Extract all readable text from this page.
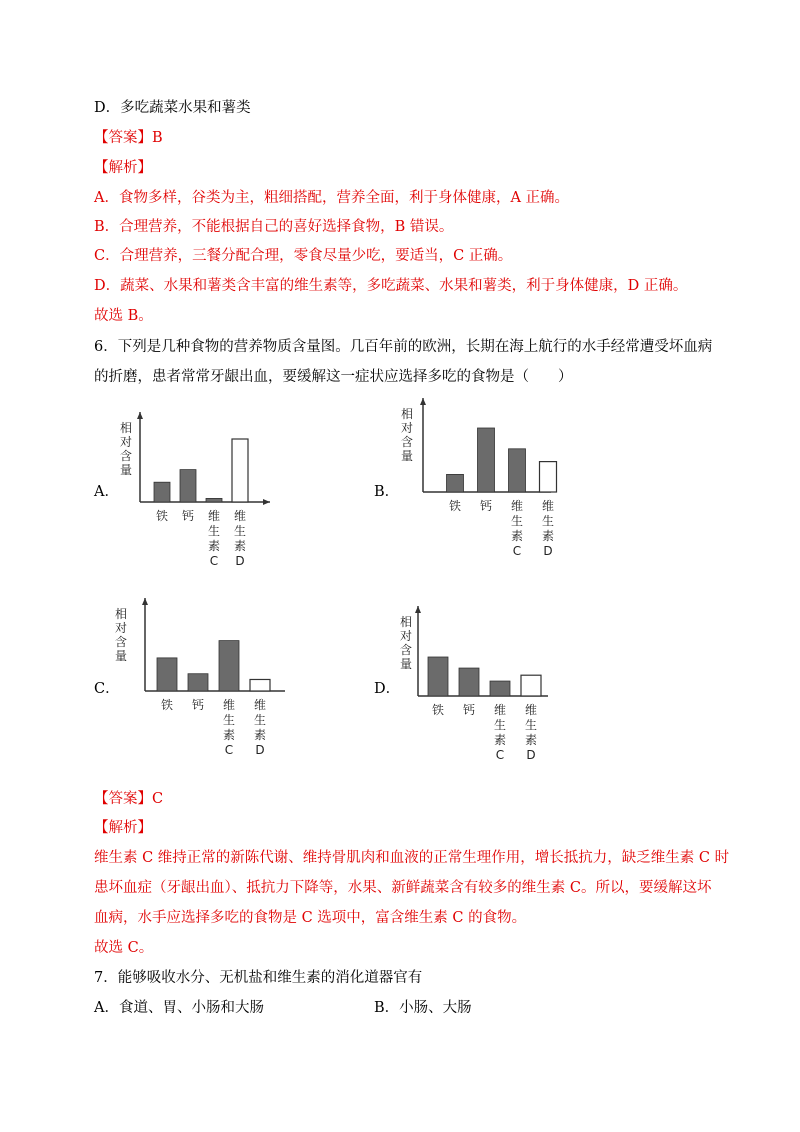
D．多吃蔬菜水果和薯类
【答案】B
【解析】
A．食物多样，谷类为主，粗细搭配，营养全面，利于身体健康，A 正确。
B．合理营养，不能根据自己的喜好选择食物，B 错误。
C．合理营养，三餐分配合理，零食尽量少吃，要适当，C 正确。
D．蔬菜、水果和薯类含丰富的维生素等，多吃蔬菜、水果和薯类，利于身体健康，D 正确。
故选 B。
6．下列是几种食物的营养物质含量图。几百年前的欧洲，长期在海上航行的水手经常遭受坏血病
的折磨，患者常常牙龈出血，要缓解这一症状应选择多吃的食物是（　　）
A．
相
对
含
量
铁 钙 维
生
素
C
维
生
素
D
B．
相
对
含
量
铁 钙 维
生
素
C
维
生
素
D
C．
相
对
含
量
铁 钙 维
生
素
C
维
生
素
D
D．
相
对
含
量
铁 钙 维
生
素
C
维
生
素
D
【答案】C
【解析】
维生素 C 维持正常的新陈代谢、维持骨肌肉和血液的正常生理作用，增长抵抗力，缺乏维生素 C 时
患坏血症（牙龈出血）、抵抗力下降等，水果、新鲜蔬菜含有较多的维生素 C。所以，要缓解这坏
血病，水手应选择多吃的食物是 C 选项中，富含维生素 C 的食物。
故选 C。
7．能够吸收水分、无机盐和维生素的消化道器官有
A．食道、胃、小肠和大肠	B．小肠、大肠
